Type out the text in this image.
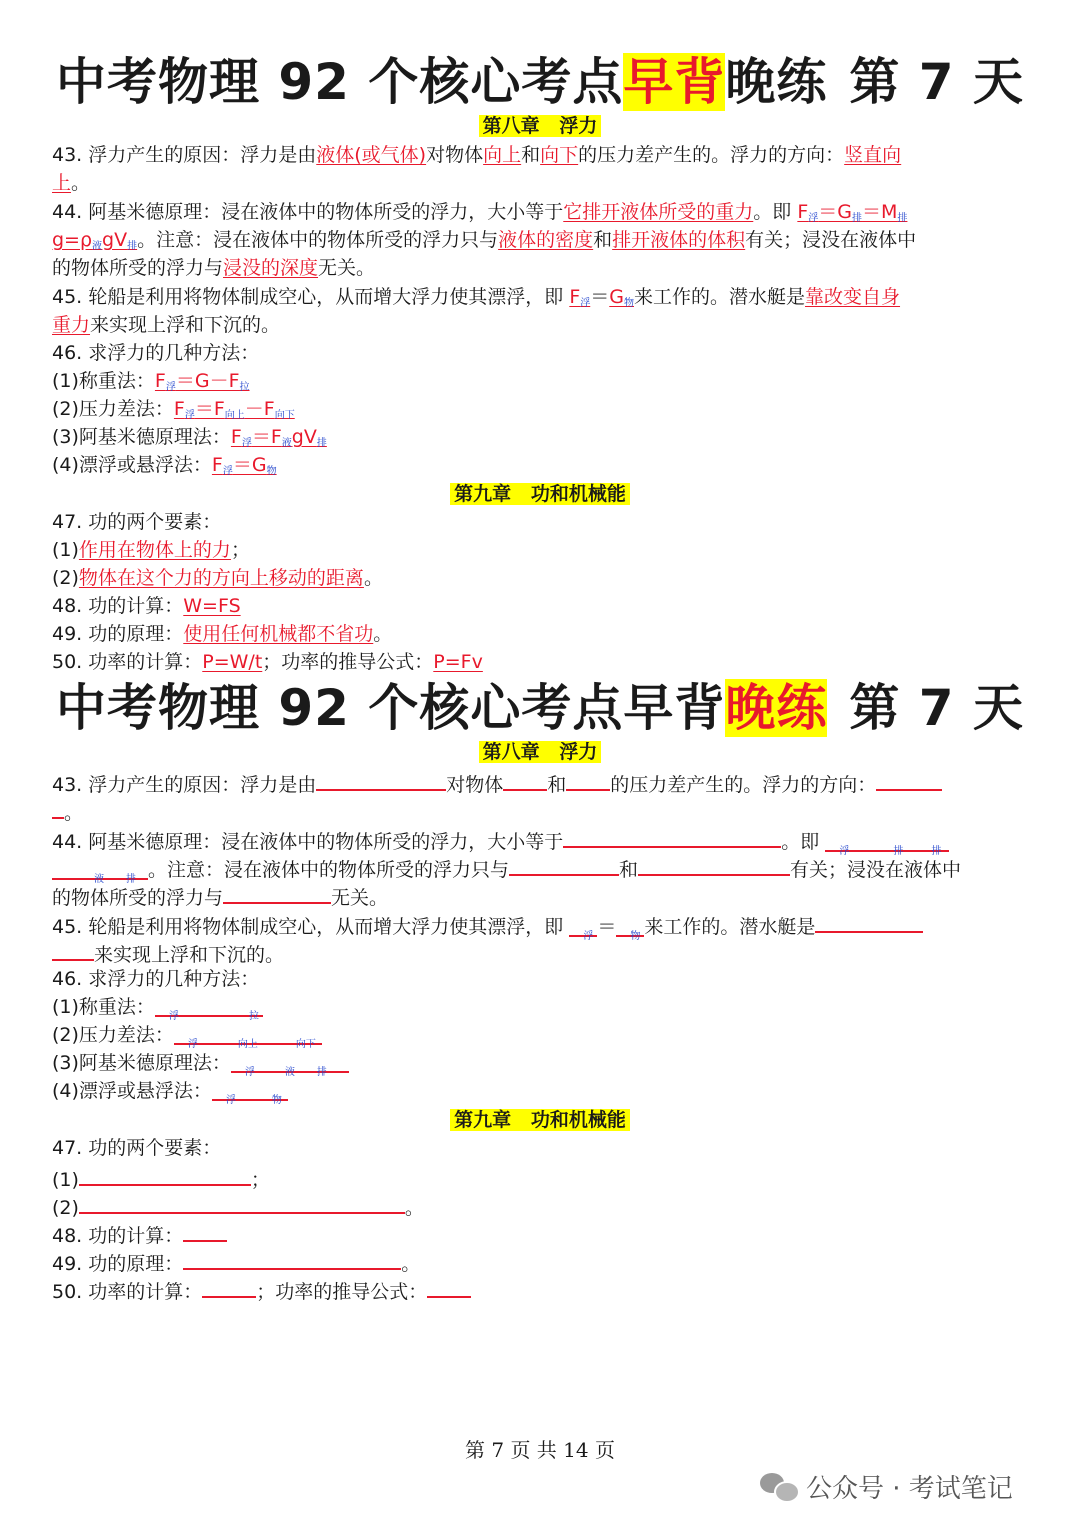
中考物理 92 个核心考点早背晚练 第 7 天
第八章   浮力
43. 浮力产生的原因：浮力是由液体(或气体)对物体向上和向下的压力差产生的。浮力的方向：竖直向
上。
44. 阿基米德原理：浸在液体中的物体所受的浮力，大小等于它排开液体所受的重力。即 $F_浮=G_排=M_排$
$g=\rho_液gV_排$。注意：浸在液体中的物体所受的浮力只与液体的密度和排开液体的体积有关；浸没在液体中
的物体所受的浮力与浸没的深度无关。
45. 轮船是利用将物体制成空心，从而增大浮力使其漂浮，即 $F_浮=G_物$来工作的。潜水艇是靠改变自身
重力来实现上浮和下沉的。
46. 求浮力的几种方法：
(1)称重法：$F_浮=G-F_拉$
(2)压力差法：$F_浮=F_{向上}-F_{向下}$
(3)阿基米德原理法：$F_浮=F_液gV_排$
(4)漂浮或悬浮法：$F_浮=G_物$
第九章   功和机械能
47. 功的两个要素：
(1)作用在物体上的力；
(2)物体在这个力的方向上移动的距离。
48. 功的计算：W=FS
49. 功的原理：使用任何机械都不省功。
50. 功率的计算：P=W/t；功率的推导公式：P=Fv
中考物理 92 个核心考点早背晚练 第 7 天
第八章   浮力
43. 浮力产生的原因：浮力是由	对物体 和 的压力差产生的。浮力的方向：
。
44. 阿基米德原理：浸在液体中的物体所受的浮力，大小等于	。即 $_浮$	$_排$	$_排$
$_液$ $_排$ 。注意：浸在液体中的物体所受的浮力只与	和	有关；浸没在液体中
的物体所受的浮力与	无关。
45. 轮船是利用将物体制成空心，从而增大浮力使其漂浮，即 $_浮$ ＝ $_物$ 来工作的。潜水艇是
来实现上浮和下沉的。
46. 求浮力的几种方法：
(1)称重法： $_浮$	$_拉$
(2)压力差法： $_浮$	$_{向上}$	$_{向下}$
(3)阿基米德原理法： $_浮$	$_液$ $_排$
(4)漂浮或悬浮法： $_浮$	$_物$
第九章   功和机械能
47. 功的两个要素：
(1)	；
(2)	。
48. 功的计算：
49. 功的原理：	。
50. 功率的计算：	；功率的推导公式：
第 7 页 共 14 页
公众号 · 考试笔记
